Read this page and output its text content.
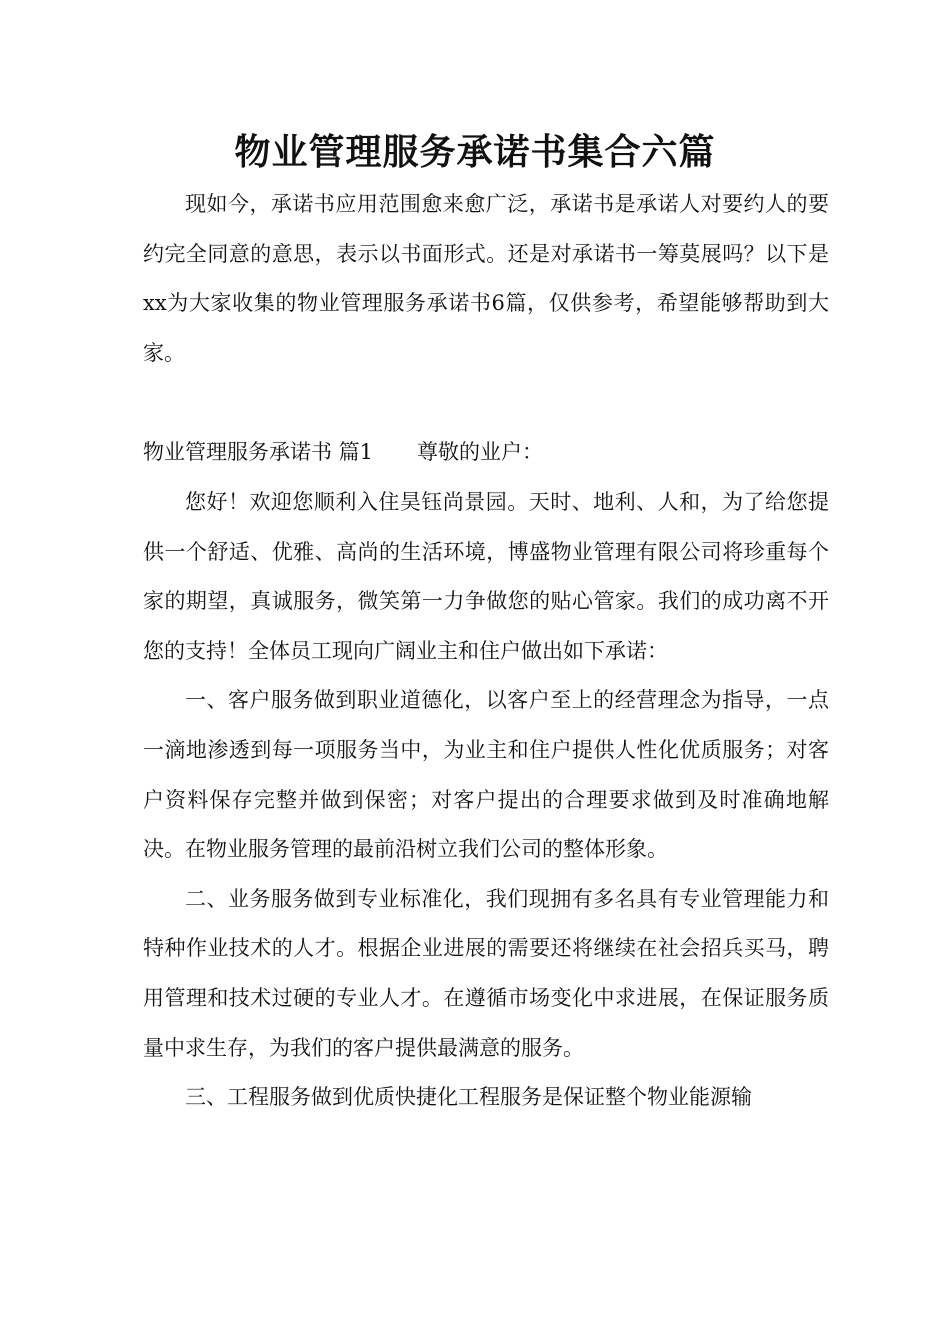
物业管理服务承诺书集合六篇

现如今，承诺书应用范围愈来愈广泛，承诺书是承诺人对要约人的要约完全同意的意思，表示以书面形式。还是对承诺书一筹莫展吗？以下是xx为大家收集的物业管理服务承诺书6篇，仅供参考，希望能够帮助到大家。

物业管理服务承诺书 篇1 尊敬的业户：

您好！欢迎您顺利入住昊钰尚景园。天时、地利、人和，为了给您提供一个舒适、优雅、高尚的生活环境，博盛物业管理有限公司将珍重每个家的期望，真诚服务，微笑第一力争做您的贴心管家。我们的成功离不开您的支持！全体员工现向广阔业主和住户做出如下承诺：

一、客户服务做到职业道德化，以客户至上的经营理念为指导，一点一滴地渗透到每一项服务当中，为业主和住户提供人性化优质服务；对客户资料保存完整并做到保密；对客户提出的合理要求做到及时准确地解决。在物业服务管理的最前沿树立我们公司的整体形象。

二、业务服务做到专业标准化，我们现拥有多名具有专业管理能力和特种作业技术的人才。根据企业进展的需要还将继续在社会招兵买马，聘用管理和技术过硬的专业人才。在遵循市场变化中求进展，在保证服务质量中求生存，为我们的客户提供最满意的服务。

三、工程服务做到优质快捷化工程服务是保证整个物业能源输
